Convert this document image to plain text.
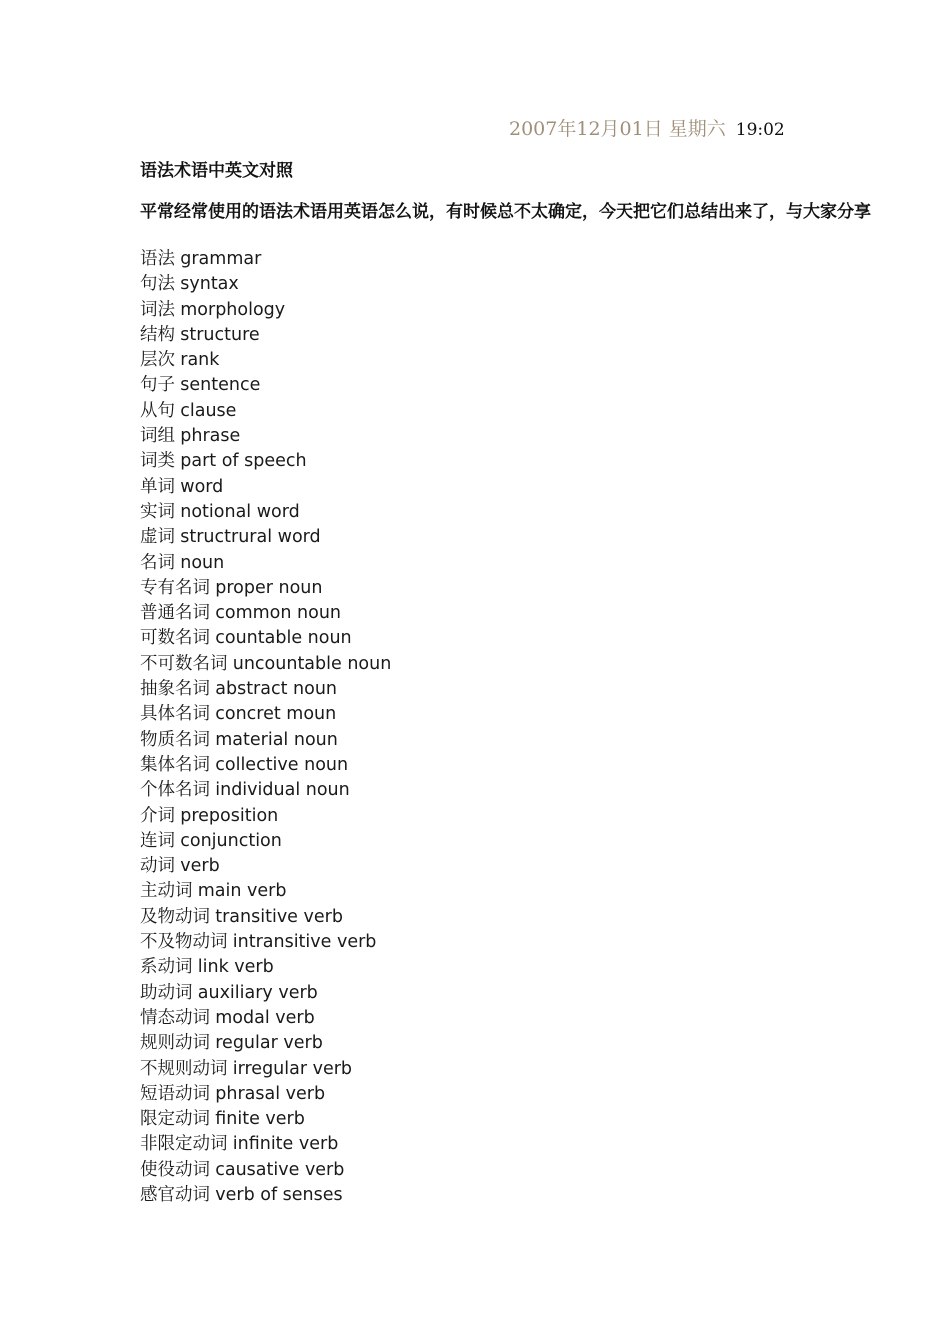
2007年12月01日 星期六 19:02
语法术语中英文对照

平常经常使用的语法术语用英语怎么说，有时候总不太确定，今天把它们总结出来了，与大家分享

语法 grammar
句法 syntax
词法 morphology
结构 structure
层次 rank
句子 sentence
从句 clause
词组 phrase
词类 part of speech
单词 word
实词 notional word
虚词 structrural word
名词 noun
专有名词 proper noun
普通名词 common noun
可数名词 countable noun
不可数名词 uncountable noun
抽象名词 abstract noun
具体名词 concret moun
物质名词 material noun
集体名词 collective noun
个体名词 individual noun
介词 preposition
连词 conjunction
动词 verb
主动词 main verb
及物动词 transitive verb
不及物动词 intransitive verb
系动词 link verb
助动词 auxiliary verb
情态动词 modal verb
规则动词 regular verb
不规则动词 irregular verb
短语动词 phrasal verb
限定动词 finite verb
非限定动词 infinite verb
使役动词 causative verb
感官动词 verb of senses
